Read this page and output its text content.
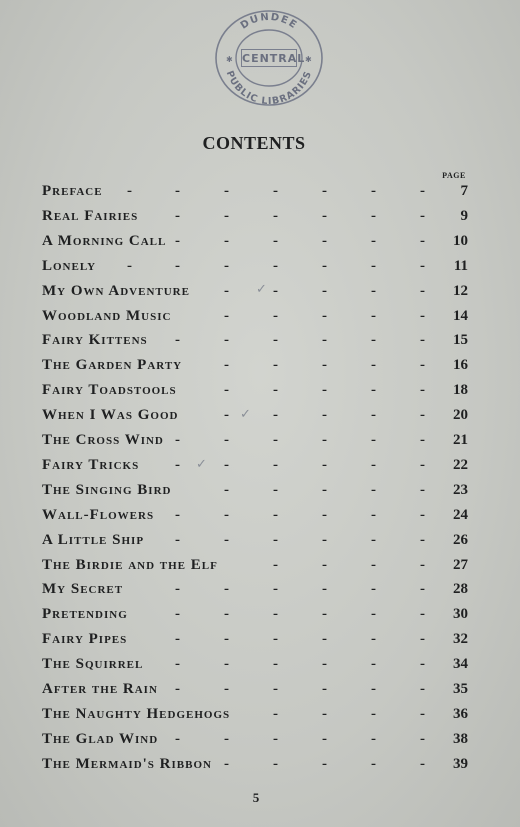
DUNDEE
PUBLIC LIBRARIES
✱	✱
CENTRAL
CONTENTS
PAGE
Preface -	-	-	-	-	-	- 7
Real Fairies -	-	-	-	-	- 9
A Morning Call -	-	-	-	-	- 10
Lonely -	-	-	-	-	-	- 11
My Own Adventure -	-	-	-	- 12
Woodland Music	-	-	-	-	- 14
Fairy Kittens -	-	-	-	-	- 15
The Garden Party	-	-	-	-	- 16
Fairy Toadstools	-	-	-	-	- 18
When I Was Good	-	-	-	-	- 20
The Cross Wind -	-	-	-	-	- 21
Fairy Tricks -	-	-	-	-	- 22
The Singing Bird	-	-	-	-	- 23
Wall-Flowers -	-	-	-	-	- 24
A Little Ship -	-	-	-	-	- 26
The Birdie and the Elf	-	-	-	- 27
My Secret	-	-	-	-	-	- 28
Pretending	-	-	-	-	-	- 30
Fairy Pipes	-	-	-	-	-	- 32
The Squirrel -	-	-	-	-	- 34
After the Rain -	-	-	-	-	- 35
The Naughty Hedgehogs	-	-	-	- 36
The Glad Wind -	-	-	-	-	- 38
The Mermaid's Ribbon -	-	-	-	- 39
✓
✓
✓
5
